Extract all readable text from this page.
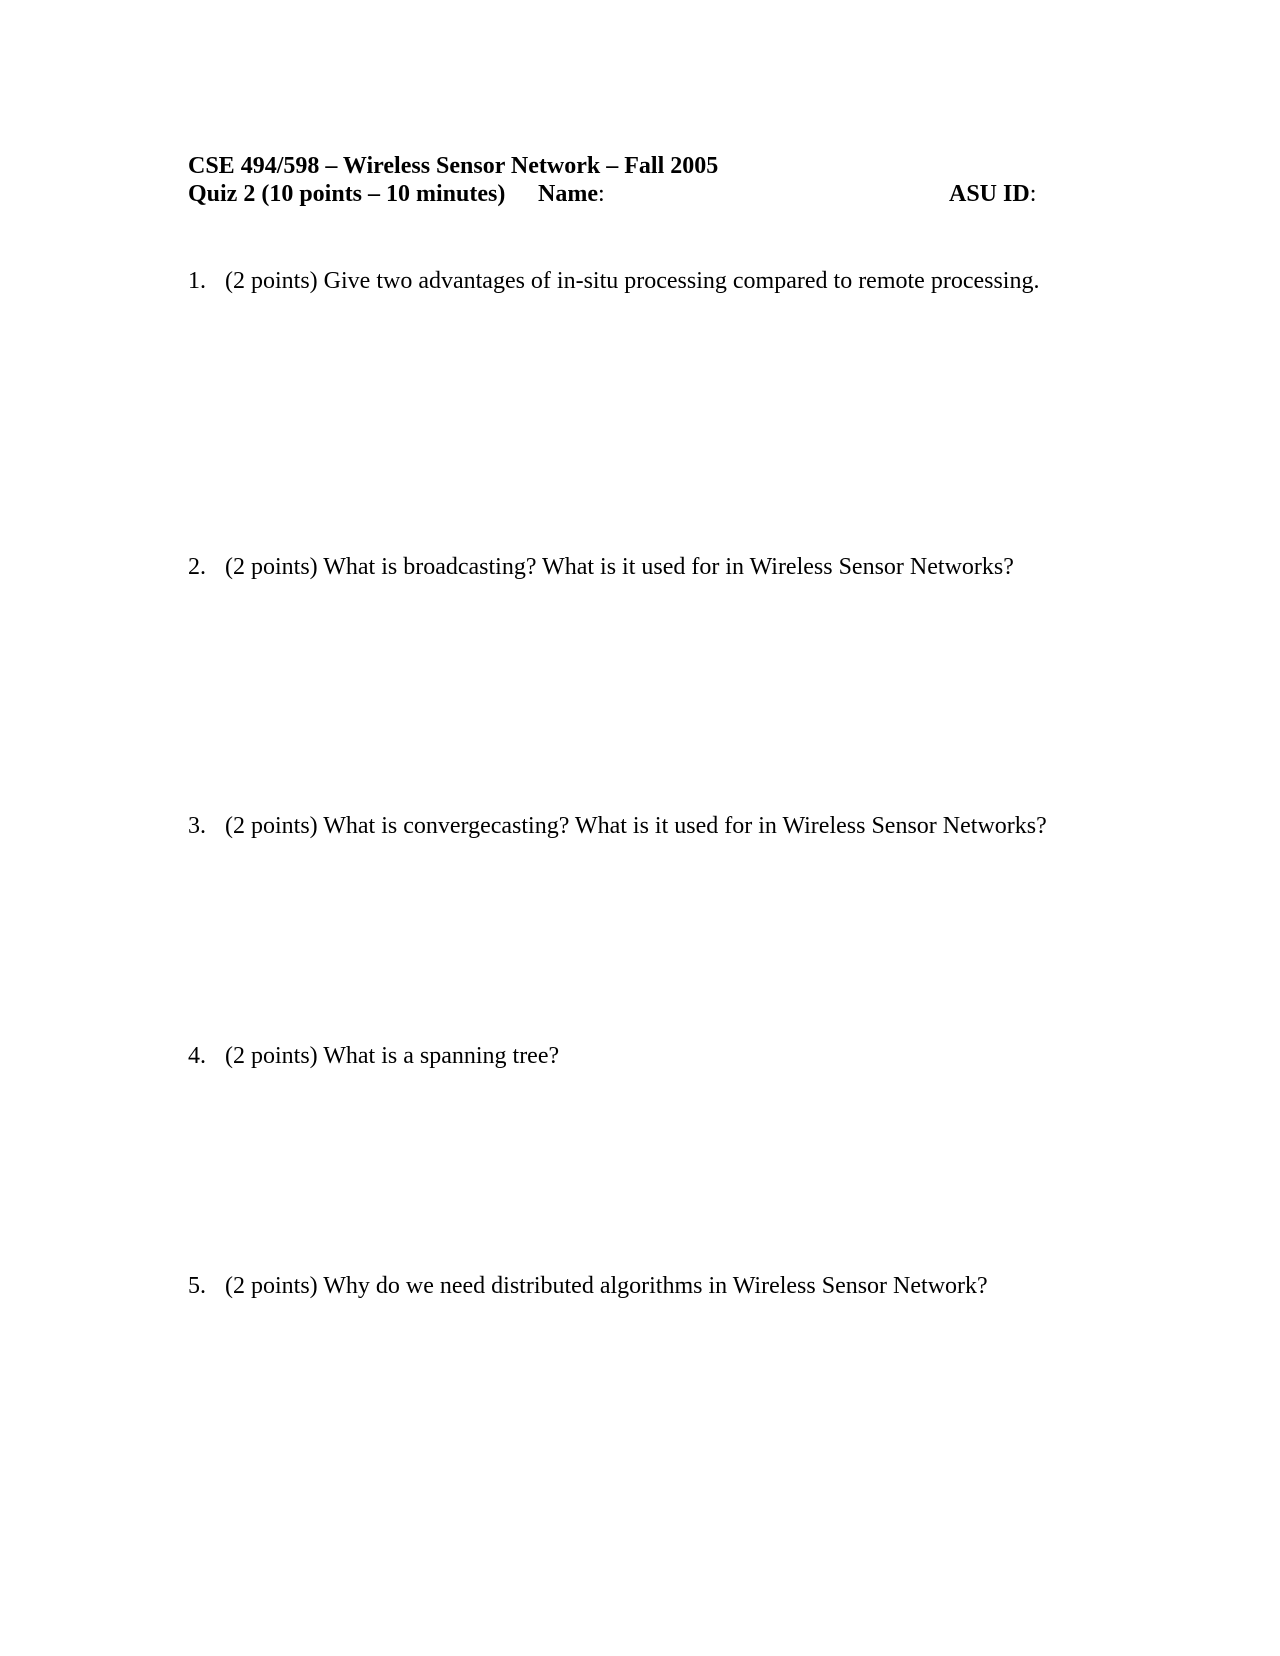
CSE 494/598 – Wireless Sensor Network – Fall 2005
Quiz 2 (10 points – 10 minutes) Name:	ASU ID:
1. (2 points) Give two advantages of in-situ processing compared to remote processing.
2. (2 points) What is broadcasting? What is it used for in Wireless Sensor Networks?
3. (2 points) What is convergecasting? What is it used for in Wireless Sensor Networks?
4. (2 points) What is a spanning tree?
5. (2 points) Why do we need distributed algorithms in Wireless Sensor Network?
